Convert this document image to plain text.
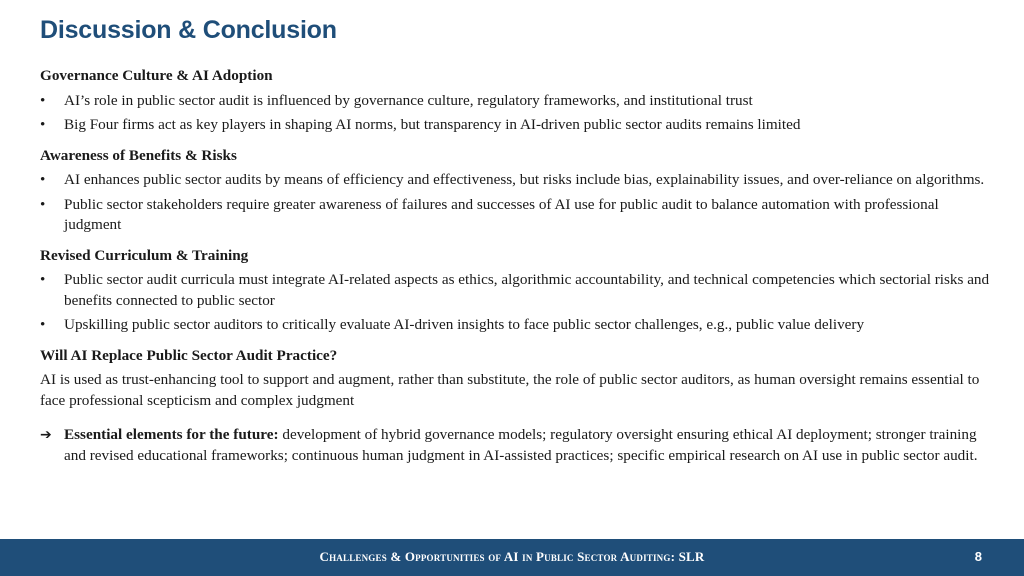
Discussion & Conclusion
Governance Culture & AI Adoption
• AI’s role in public sector audit is influenced by governance culture, regulatory frameworks, and institutional trust
• Big Four firms act as key players in shaping AI norms, but transparency in AI-driven public sector audits remains limited
Awareness of Benefits & Risks
• AI enhances public sector audits by means of efficiency and effectiveness, but risks include bias, explainability issues, and over-reliance on algorithms.
• Public sector stakeholders require greater awareness of failures and successes of AI use for public audit to balance automation with professional judgment
Revised Curriculum & Training
• Public sector audit curricula must integrate AI-related aspects as ethics, algorithmic accountability, and technical competencies which sectorial risks and benefits connected to public sector
• Upskilling public sector auditors to critically evaluate AI-driven insights to face public sector challenges, e.g., public value delivery
Will AI Replace Public Sector Audit Practice?

AI is used as trust-enhancing tool to support and augment, rather than substitute, the role of public sector auditors, as human oversight remains essential to face professional scepticism and complex judgment

➔ Essential elements for the future: development of hybrid governance models; regulatory oversight ensuring ethical AI deployment; stronger training and revised educational frameworks; continuous human judgment in AI-assisted practices; specific empirical research on AI use in public sector audit.
Challenges & Opportunities of AI in Public Sector Auditing: SLR	8
